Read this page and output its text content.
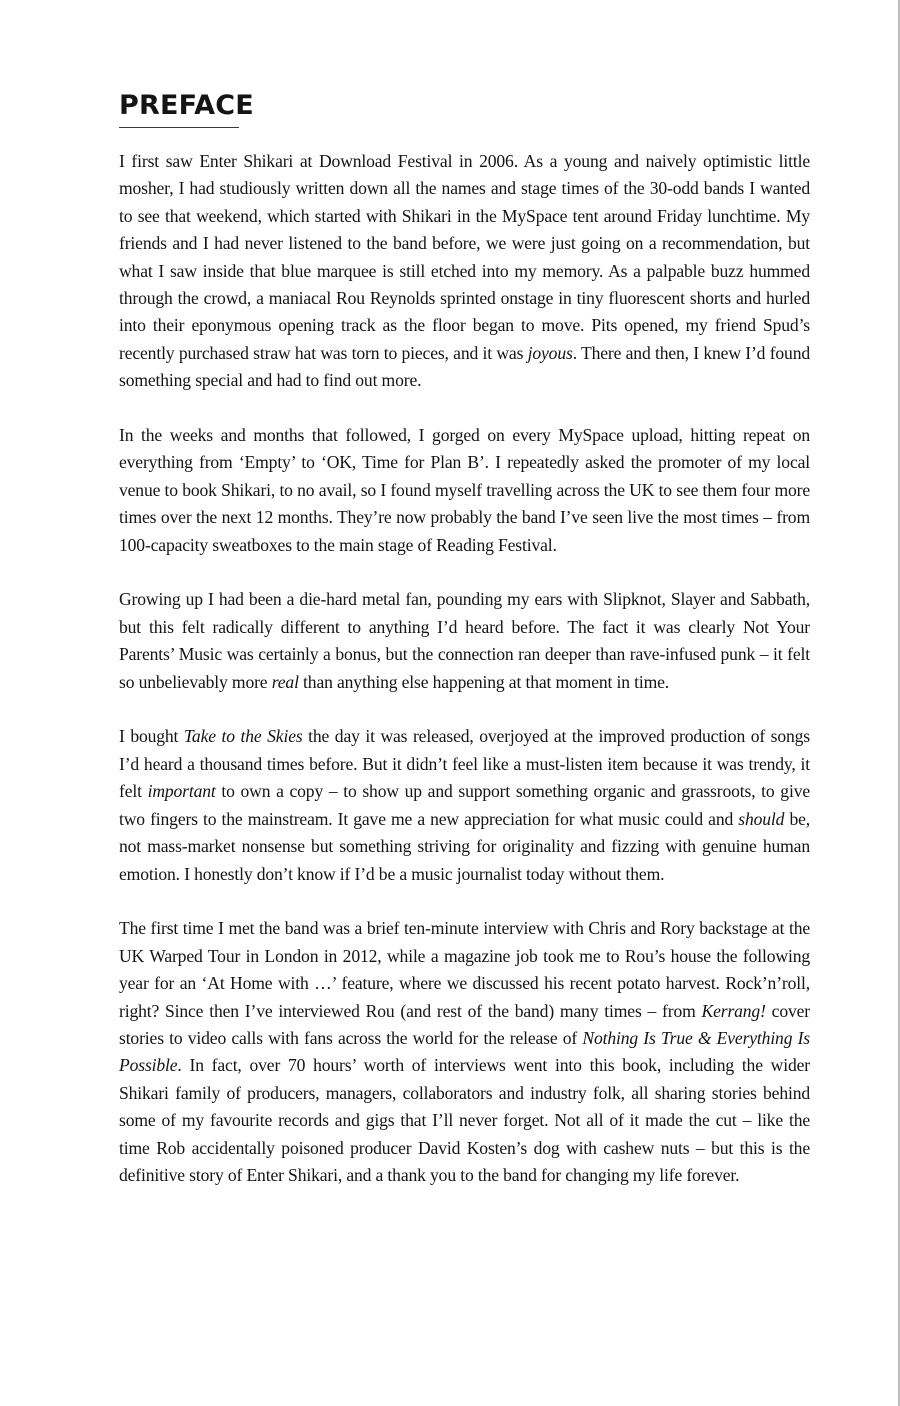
PREFACE

I first saw Enter Shikari at Download Festival in 2006. As a young and naively optimistic little mosher, I had studiously written down all the names and stage times of the 30-odd bands I wanted to see that weekend, which started with Shikari in the MySpace tent around Friday lunchtime. My friends and I had never listened to the band before, we were just going on a recommendation, but what I saw inside that blue marquee is still etched into my memory. As a palpable buzz hummed through the crowd, a maniacal Rou Reynolds sprinted onstage in tiny fluorescent shorts and hurled into their eponymous opening track as the floor began to move. Pits opened, my friend Spud’s recently purchased straw hat was torn to pieces, and it was joyous. There and then, I knew I’d found something special and had to find out more.

In the weeks and months that followed, I gorged on every MySpace upload, hitting repeat on everything from ‘Empty’ to ‘OK, Time for Plan B’. I repeatedly asked the promoter of my local venue to book Shikari, to no avail, so I found myself travelling across the UK to see them four more times over the next 12 months. They’re now probably the band I’ve seen live the most times – from 100-capacity sweatboxes to the main stage of Reading Festival.

Growing up I had been a die-hard metal fan, pounding my ears with Slipknot, Slayer and Sabbath, but this felt radically different to anything I’d heard before. The fact it was clearly Not Your Parents’ Music was certainly a bonus, but the connection ran deeper than rave-infused punk – it felt so unbelievably more real than anything else happening at that moment in time.

I bought Take to the Skies the day it was released, overjoyed at the improved production of songs I’d heard a thousand times before. But it didn’t feel like a must-listen item because it was trendy, it felt important to own a copy – to show up and support something organic and grassroots, to give two fingers to the mainstream. It gave me a new appreciation for what music could and should be, not mass-market nonsense but something striving for originality and fizzing with genuine human emotion. I honestly don’t know if I’d be a music journalist today without them.

The first time I met the band was a brief ten-minute interview with Chris and Rory backstage at the UK Warped Tour in London in 2012, while a magazine job took me to Rou’s house the following year for an ‘At Home with …’ feature, where we discussed his recent potato harvest. Rock’n’roll, right? Since then I’ve interviewed Rou (and rest of the band) many times – from Kerrang! cover stories to video calls with fans across the world for the release of Nothing Is True & Everything Is Possible. In fact, over 70 hours’ worth of interviews went into this book, including the wider Shikari family of producers, managers, collaborators and industry folk, all sharing stories behind some of my favourite records and gigs that I’ll never forget. Not all of it made the cut – like the time Rob accidentally poisoned producer David Kosten’s dog with cashew nuts – but this is the definitive story of Enter Shikari, and a thank you to the band for changing my life forever.
